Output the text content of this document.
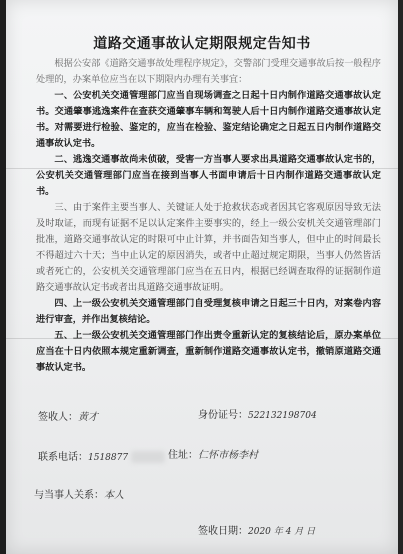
道路交通事故认定期限规定告知书

根据公安部《道路交通事故处理程序规定》，交警部门受理交通事故后按一般程序处理的，办案单位应当在以下期限内办理有关事宜：

一、公安机关交通管理部门应当自现场调查之日起十日内制作道路交通事故认定书。交通肇事逃逸案件在查获交通肇事车辆和驾驶人后十日内制作道路交通事故认定书。对需要进行检验、鉴定的，应当在检验、鉴定结论确定之日起五日内制作道路交通事故认定书。

二、逃逸交通事故尚未侦破，受害一方当事人要求出具道路交通事故认定书的，公安机关交通管理部门应当在接到当事人书面申请后十日内制作道路交通事故认定书。

三、由于案件主要当事人、关键证人处于抢救状态或者因其它客观原因导致无法及时取证，而现有证据不足以认定案件主要事实的，经上一级公安机关交通管理部门批准，道路交通事故认定的时限可中止计算，并书面告知当事人，但中止的时间最长不得超过六十天；当中止认定的原因消失，或者中止超过规定期限，当事人仍然皆活或者死亡的，公安机关交通管理部门应当在五日内，根据已经调查取得的证据制作道路交通事故认定书或者出具道路交通事故证明。

四、上一级公安机关交通管理部门自受理复核申请之日起三十日内，对案卷内容进行审查，并作出复核结论。

五、上一级公安机关交通管理部门作出责令重新认定的复核结论后，原办案单位应当在十日内依照本规定重新调查，重新制作道路交通事故认定书，撤销原道路交通事故认定书。

签收人：黄才	身份证号：522132198704
联系电话：1518877	住址：仁怀市杨李村
与当事人关系：本人
签收日期：2020 年 4 月 日
